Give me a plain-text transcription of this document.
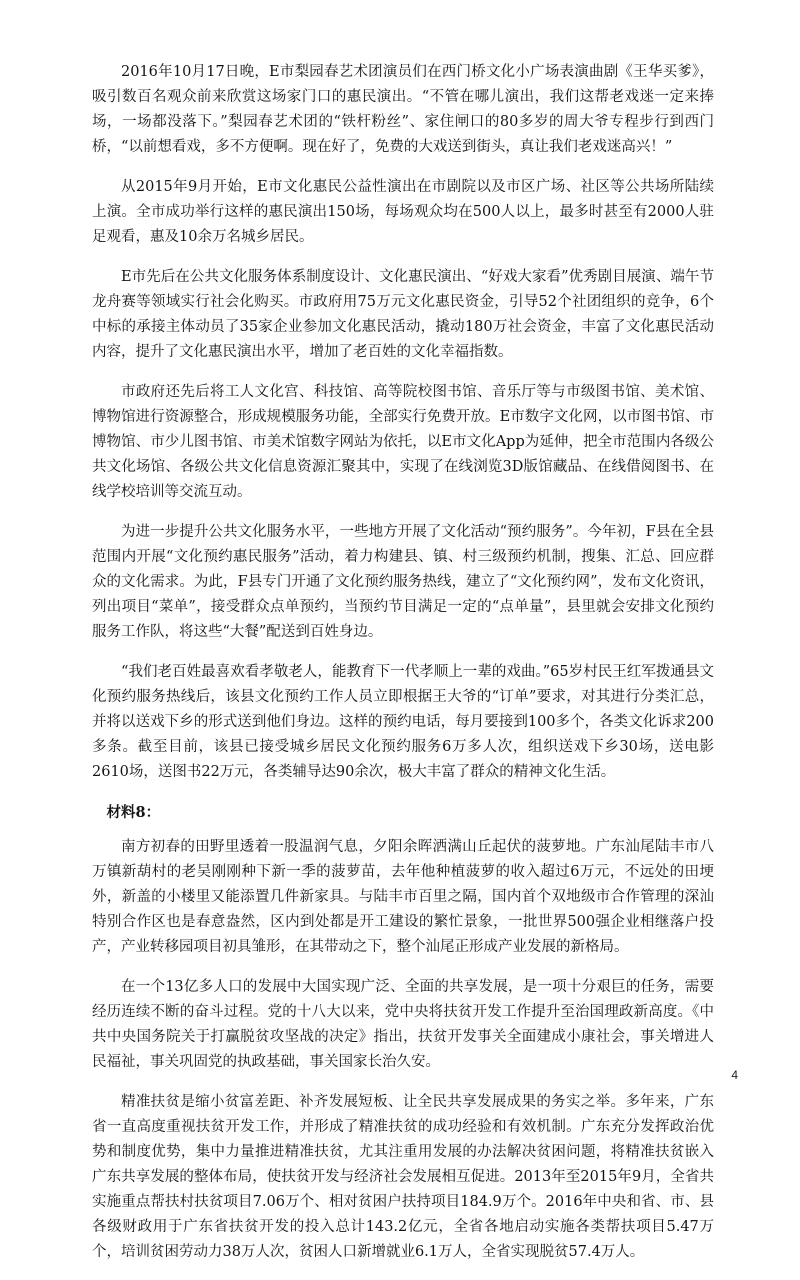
2016年10月17日晚，E市梨园春艺术团演员们在西门桥文化小广场表演曲剧《王华买爹》，吸引数百名观众前来欣赏这场家门口的惠民演出。“不管在哪儿演出，我们这帮老戏迷一定来捧场，一场都没落下。”梨园春艺术团的“铁杆粉丝”、家住闸口的80多岁的周大爷专程步行到西门桥，“以前想看戏，多不方便啊。现在好了，免费的大戏送到街头，真让我们老戏迷高兴！”

从2015年9月开始，E市文化惠民公益性演出在市剧院以及市区广场、社区等公共场所陆续上演。全市成功举行这样的惠民演出150场，每场观众均在500人以上，最多时甚至有2000人驻足观看，惠及10余万名城乡居民。

E市先后在公共文化服务体系制度设计、文化惠民演出、“好戏大家看”优秀剧目展演、端午节龙舟赛等领域实行社会化购买。市政府用75万元文化惠民资金，引导52个社团组织的竞争，6个中标的承接主体动员了35家企业参加文化惠民活动，撬动180万社会资金，丰富了文化惠民活动内容，提升了文化惠民演出水平，增加了老百姓的文化幸福指数。

市政府还先后将工人文化宫、科技馆、高等院校图书馆、音乐厅等与市级图书馆、美术馆、博物馆进行资源整合，形成规模服务功能，全部实行免费开放。E市数字文化网，以市图书馆、市博物馆、市少儿图书馆、市美术馆数字网站为依托，以E市文化App为延伸，把全市范围内各级公共文化场馆、各级公共文化信息资源汇聚其中，实现了在线浏览3D版馆藏品、在线借阅图书、在线学校培训等交流互动。

为进一步提升公共文化服务水平，一些地方开展了文化活动“预约服务”。今年初，F县在全县范围内开展“文化预约惠民服务”活动，着力构建县、镇、村三级预约机制，搜集、汇总、回应群众的文化需求。为此，F县专门开通了文化预约服务热线，建立了“文化预约网”，发布文化资讯，列出项目“菜单”，接受群众点单预约，当预约节目满足一定的“点单量”，县里就会安排文化预约服务工作队，将这些“大餐”配送到百姓身边。

“我们老百姓最喜欢看孝敬老人，能教育下一代孝顺上一辈的戏曲。”65岁村民王红军拨通县文化预约服务热线后，该县文化预约工作人员立即根据王大爷的“订单”要求，对其进行分类汇总，并将以送戏下乡的形式送到他们身边。这样的预约电话，每月要接到100多个，各类文化诉求200多条。截至目前，该县已接受城乡居民文化预约服务6万多人次，组织送戏下乡30场，送电影2610场，送图书22万元，各类辅导达90余次，极大丰富了群众的精神文化生活。

材料8：

南方初春的田野里透着一股温润气息，夕阳余晖洒满山丘起伏的菠萝地。广东汕尾陆丰市八万镇新葫村的老吴刚刚种下新一季的菠萝苗，去年他种植菠萝的收入超过6万元，不远处的田埂外，新盖的小楼里又能添置几件新家具。与陆丰市百里之隔，国内首个双地级市合作管理的深汕特别合作区也是春意盎然，区内到处都是开工建设的繁忙景象，一批世界500强企业相继落户投产，产业转移园项目初具雏形，在其带动之下，整个汕尾正形成产业发展的新格局。

在一个13亿多人口的发展中大国实现广泛、全面的共享发展，是一项十分艰巨的任务，需要经历连续不断的奋斗过程。党的十八大以来，党中央将扶贫开发工作提升至治国理政新高度。《中共中央国务院关于打赢脱贫攻坚战的决定》指出，扶贫开发事关全面建成小康社会，事关增进人民福祉，事关巩固党的执政基础，事关国家长治久安。

精准扶贫是缩小贫富差距、补齐发展短板、让全民共享发展成果的务实之举。多年来，广东省一直高度重视扶贫开发工作，并形成了精准扶贫的成功经验和有效机制。广东充分发挥政治优势和制度优势，集中力量推进精准扶贫，尤其注重用发展的办法解决贫困问题，将精准扶贫嵌入广东共享发展的整体布局，使扶贫开发与经济社会发展相互促进。2013年至2015年9月，全省共实施重点帮扶村扶贫项目7.06万个、相对贫困户扶持项目184.9万个。2016年中央和省、市、县各级财政用于广东省扶贫开发的投入总计143.2亿元，全省各地启动实施各类帮扶项目5.47万个，培训贫困劳动力38万人次，贫困人口新增就业6.1万人，全省实现脱贫57.4万人。

4
